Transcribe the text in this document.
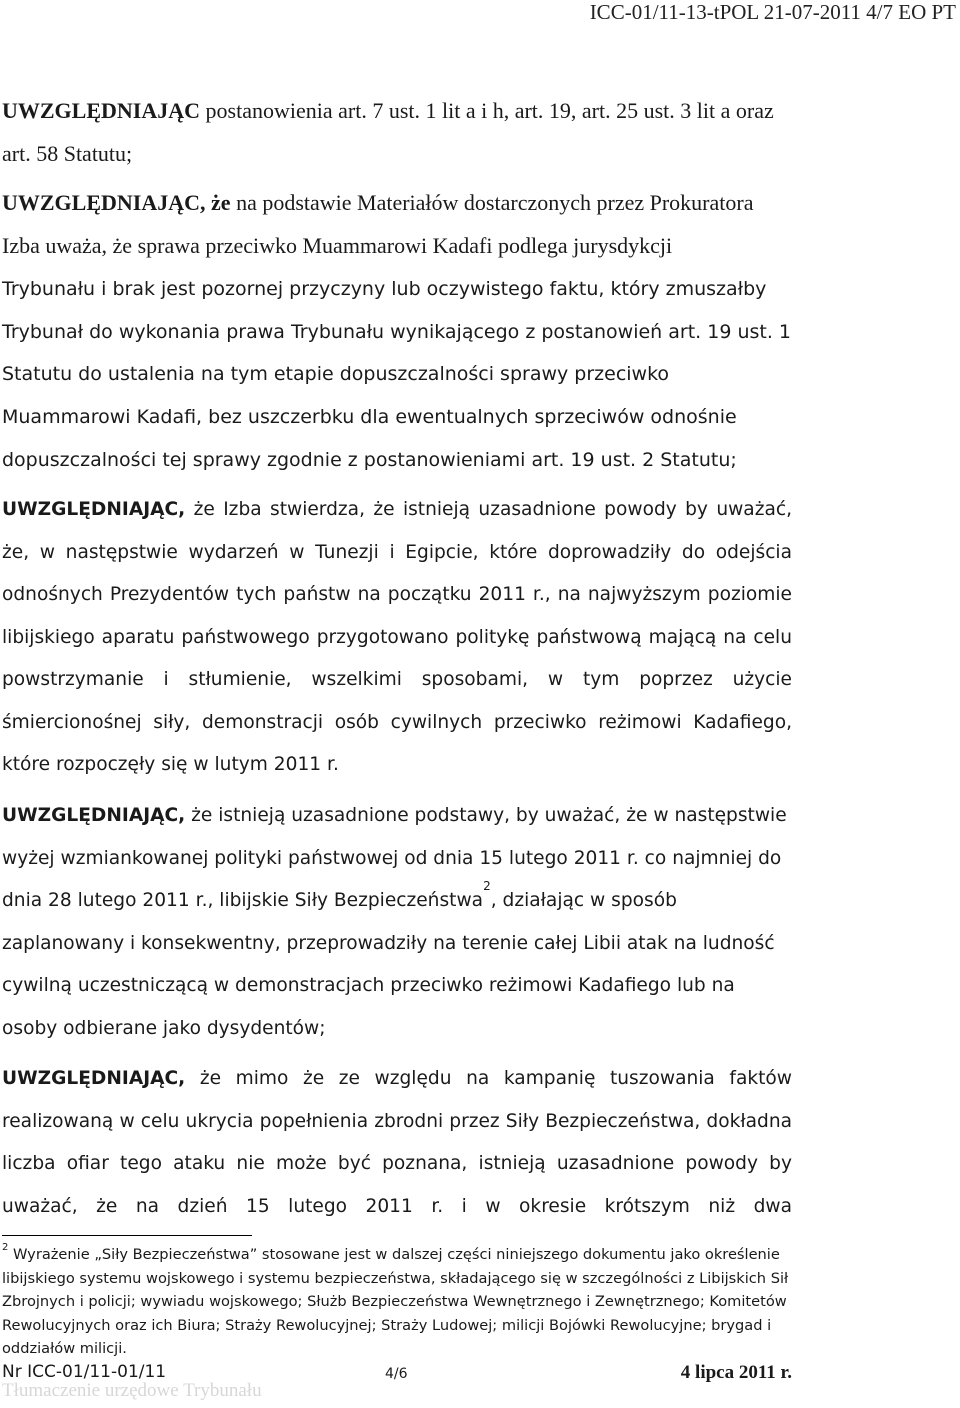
ICC-01/11-13-tPOL 21-07-2011 4/7 EO PT
UWZGLĘDNIAJĄC postanowienia art. 7 ust. 1 lit a i h, art. 19, art. 25 ust. 3 lit a oraz art. 58 Statutu;
UWZGLĘDNIAJĄC, że na podstawie Materiałów dostarczonych przez Prokuratora Izba uważa, że sprawa przeciwko Muammarowi Kadafi podlega jurysdykcji
Trybunału i brak jest pozornej przyczyny lub oczywistego faktu, który zmuszałby Trybunał do wykonania prawa Trybunału wynikającego z postanowień art. 19 ust. 1 Statutu do ustalenia na tym etapie dopuszczalności sprawy przeciwko Muammarowi Kadafi, bez uszczerbku dla ewentualnych sprzeciwów odnośnie dopuszczalności tej sprawy zgodnie z postanowieniami art. 19 ust. 2 Statutu;
UWZGLĘDNIAJĄC, że Izba stwierdza, że istnieją uzasadnione powody by uważać, że, w następstwie wydarzeń w Tunezji i Egipcie, które doprowadziły do odejścia odnośnych Prezydentów tych państw na początku 2011 r., na najwyższym poziomie libijskiego aparatu państwowego przygotowano politykę państwową mającą na celu powstrzymanie i stłumienie, wszelkimi sposobami, w tym poprzez użycie śmiercionośnej siły, demonstracji osób cywilnych przeciwko reżimowi Kadafiego, które rozpoczęły się w lutym 2011 r.
UWZGLĘDNIAJĄC, że istnieją uzasadnione podstawy, by uważać, że w następstwie wyżej wzmiankowanej polityki państwowej od dnia 15 lutego 2011 r. co najmniej do dnia 28 lutego 2011 r., libijskie Siły Bezpieczeństwa$^2$, działając w sposób zaplanowany i konsekwentny, przeprowadziły na terenie całej Libii atak na ludność cywilną uczestniczącą w demonstracjach przeciwko reżimowi Kadafiego lub na osoby odbierane jako dysydentów;
UWZGLĘDNIAJĄC, że mimo że ze względu na kampanię tuszowania faktów realizowaną w celu ukrycia popełnienia zbrodni przez Siły Bezpieczeństwa, dokładna liczba ofiar tego ataku nie może być poznana, istnieją uzasadnione powody by uważać, że na dzień 15 lutego 2011 r. i w okresie krótszym niż dwa
$^2$ Wyrażenie „Siły Bezpieczeństwa” stosowane jest w dalszej części niniejszego dokumentu jako określenie libijskiego systemu wojskowego i systemu bezpieczeństwa, składającego się w szczególności z Libijskich Sił Zbrojnych i policji; wywiadu wojskowego; Służb Bezpieczeństwa Wewnętrznego i Zewnętrznego; Komitetów Rewolucyjnych oraz ich Biura; Straży Rewolucyjnej; Straży Ludowej; milicji Bojówki Rewolucyjne; brygad i oddziałów milicji.
Nr ICC-01/11-01/11	4/6	4 lipca 2011 r.
Tłumaczenie urzędowe Trybunału
